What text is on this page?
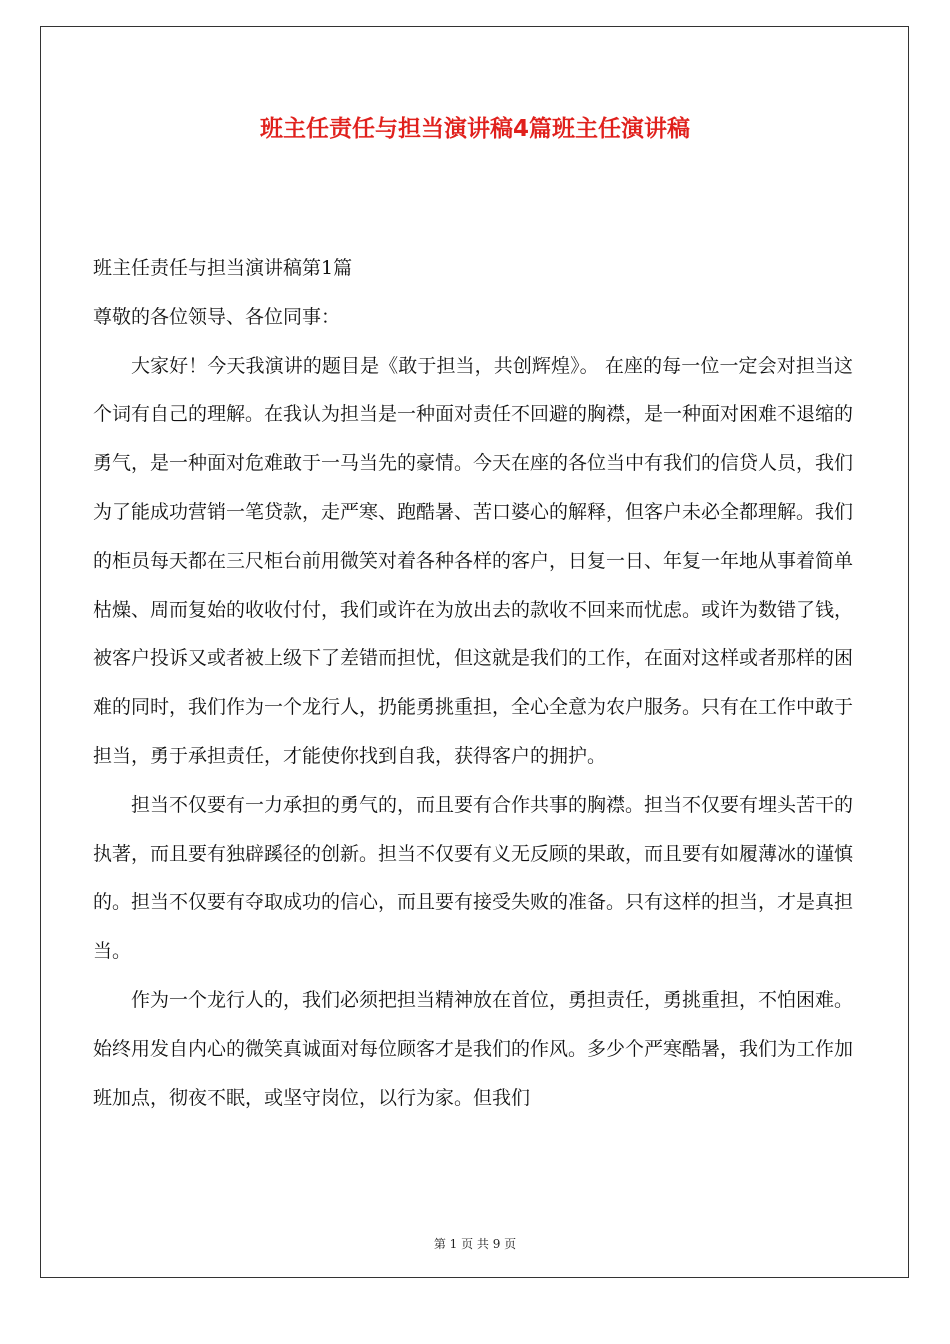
班主任责任与担当演讲稿4篇班主任演讲稿

班主任责任与担当演讲稿第1篇

尊敬的各位领导、各位同事：

大家好！今天我演讲的题目是《敢于担当，共创辉煌》。 在座的每一位一定会对担当这个词有自己的理解。在我认为担当是一种面对责任不回避的胸襟，是一种面对困难不退缩的勇气，是一种面对危难敢于一马当先的豪情。今天在座的各位当中有我们的信贷人员，我们为了能成功营销一笔贷款，走严寒、跑酷暑、苦口婆心的解释，但客户未必全都理解。我们的柜员每天都在三尺柜台前用微笑对着各种各样的客户，日复一日、年复一年地从事着简单枯燥、周而复始的收收付付，我们或许在为放出去的款收不回来而忧虑。或许为数错了钱，被客户投诉又或者被上级下了差错而担忧，但这就是我们的工作，在面对这样或者那样的困难的同时，我们作为一个龙行人，扔能勇挑重担，全心全意为农户服务。只有在工作中敢于担当，勇于承担责任，才能使你找到自我，获得客户的拥护。

担当不仅要有一力承担的勇气的，而且要有合作共事的胸襟。担当不仅要有埋头苦干的执著，而且要有独辟蹊径的创新。担当不仅要有义无反顾的果敢，而且要有如履薄冰的谨慎的。担当不仅要有夺取成功的信心，而且要有接受失败的准备。只有这样的担当，才是真担当。

作为一个龙行人的，我们必须把担当精神放在首位，勇担责任，勇挑重担，不怕困难。始终用发自内心的微笑真诚面对每位顾客才是我们的作风。多少个严寒酷暑，我们为工作加班加点，彻夜不眠，或坚守岗位，以行为家。但我们

第 1 页 共 9 页
